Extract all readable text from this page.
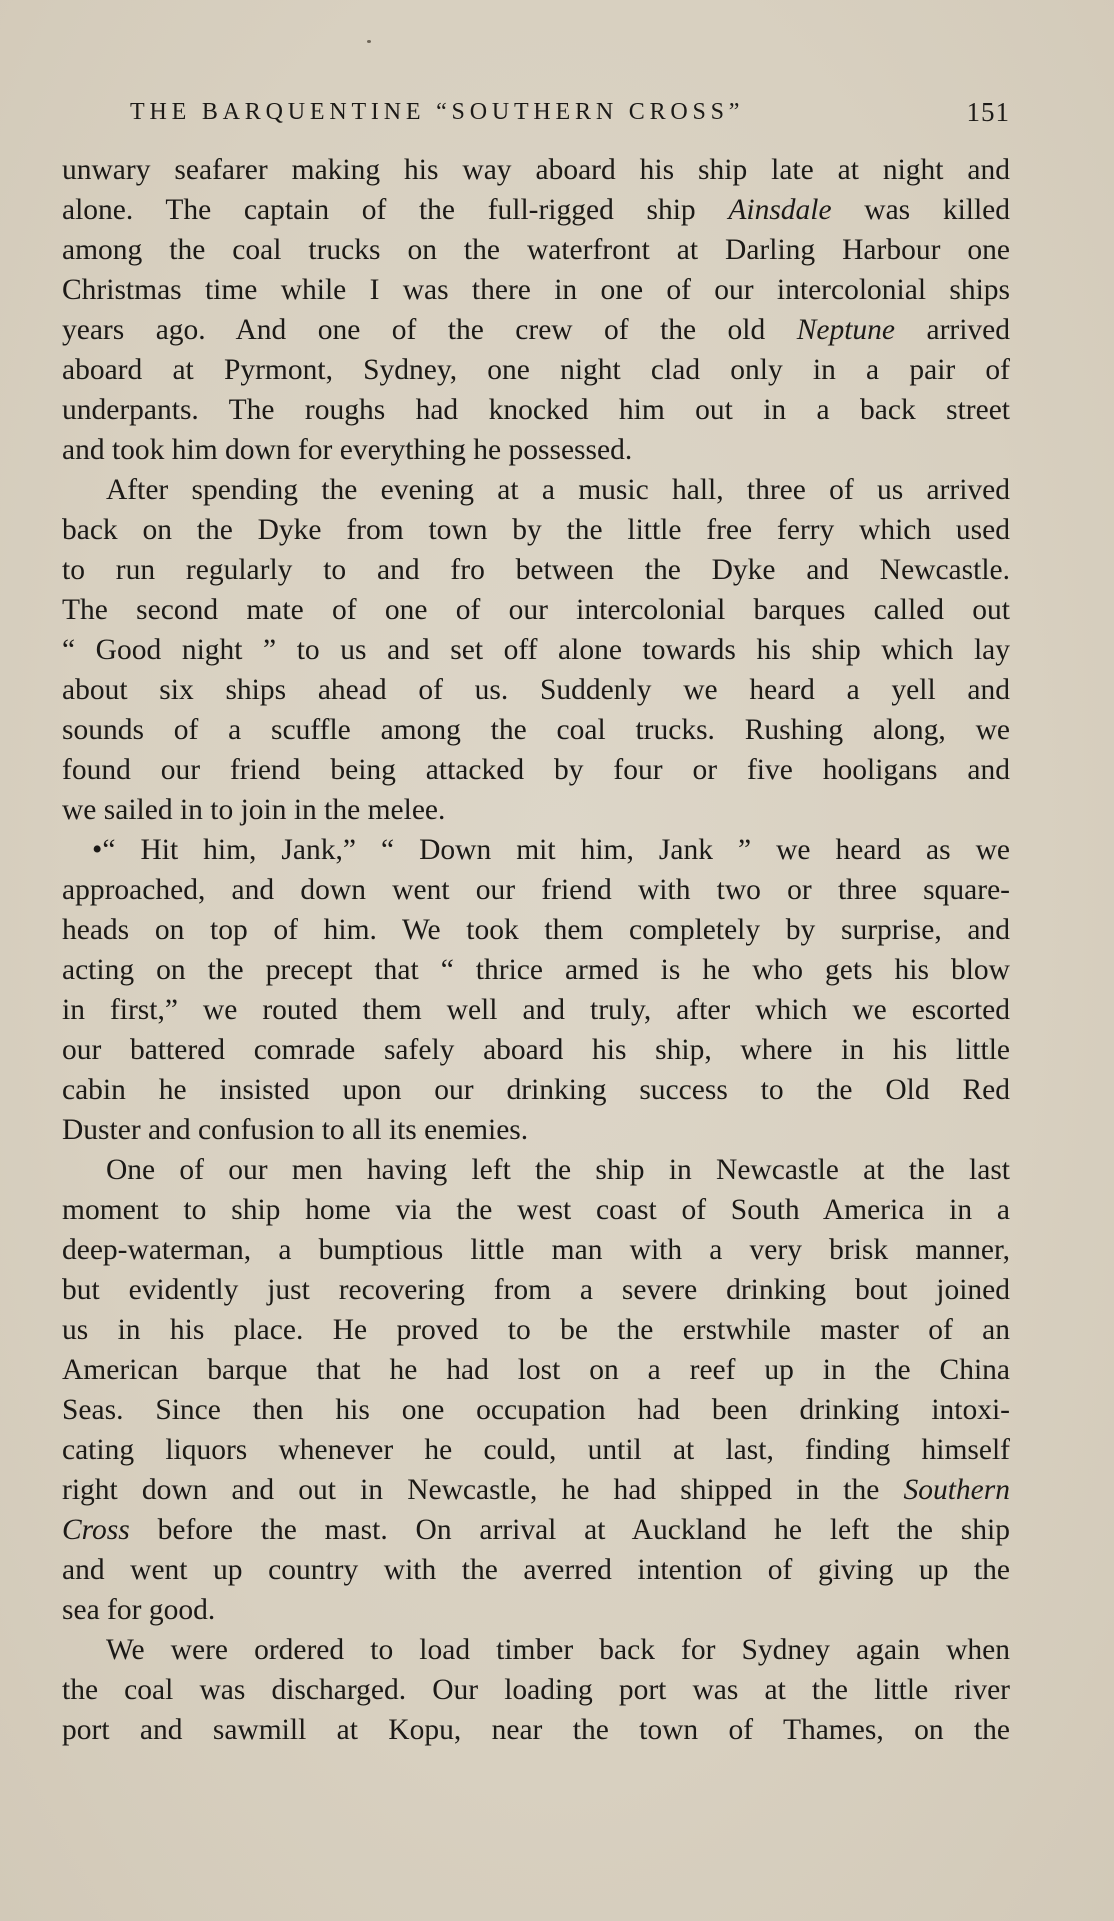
THE BARQUENTINE “SOUTHERN CROSS”	151
unwary seafarer making his way aboard his ship late at night and
alone. The captain of the full-rigged ship Ainsdale was killed
among the coal trucks on the waterfront at Darling Harbour one
Christmas time while I was there in one of our intercolonial ships
years ago. And one of the crew of the old Neptune arrived
aboard at Pyrmont, Sydney, one night clad only in a pair of
underpants. The roughs had knocked him out in a back street
and took him down for everything he possessed.
After spending the evening at a music hall, three of us arrived
back on the Dyke from town by the little free ferry which used
to run regularly to and fro between the Dyke and Newcastle.
The second mate of one of our intercolonial barques called out
“ Good night ” to us and set off alone towards his ship which lay
about six ships ahead of us. Suddenly we heard a yell and
sounds of a scuffle among the coal trucks. Rushing along, we
found our friend being attacked by four or five hooligans and
we sailed in to join in the melee.
•“ Hit him, Jank,” “ Down mit him, Jank ” we heard as we
approached, and down went our friend with two or three square-
heads on top of him. We took them completely by surprise, and
acting on the precept that “ thrice armed is he who gets his blow
in first,” we routed them well and truly, after which we escorted
our battered comrade safely aboard his ship, where in his little
cabin he insisted upon our drinking success to the Old Red
Duster and confusion to all its enemies.
One of our men having left the ship in Newcastle at the last
moment to ship home via the west coast of South America in a
deep-waterman, a bumptious little man with a very brisk manner,
but evidently just recovering from a severe drinking bout joined
us in his place. He proved to be the erstwhile master of an
American barque that he had lost on a reef up in the China
Seas. Since then his one occupation had been drinking intoxi-
cating liquors whenever he could, until at last, finding himself
right down and out in Newcastle, he had shipped in the Southern
Cross before the mast. On arrival at Auckland he left the ship
and went up country with the averred intention of giving up the
sea for good.
We were ordered to load timber back for Sydney again when
the coal was discharged. Our loading port was at the little river
port and sawmill at Kopu, near the town of Thames, on the
